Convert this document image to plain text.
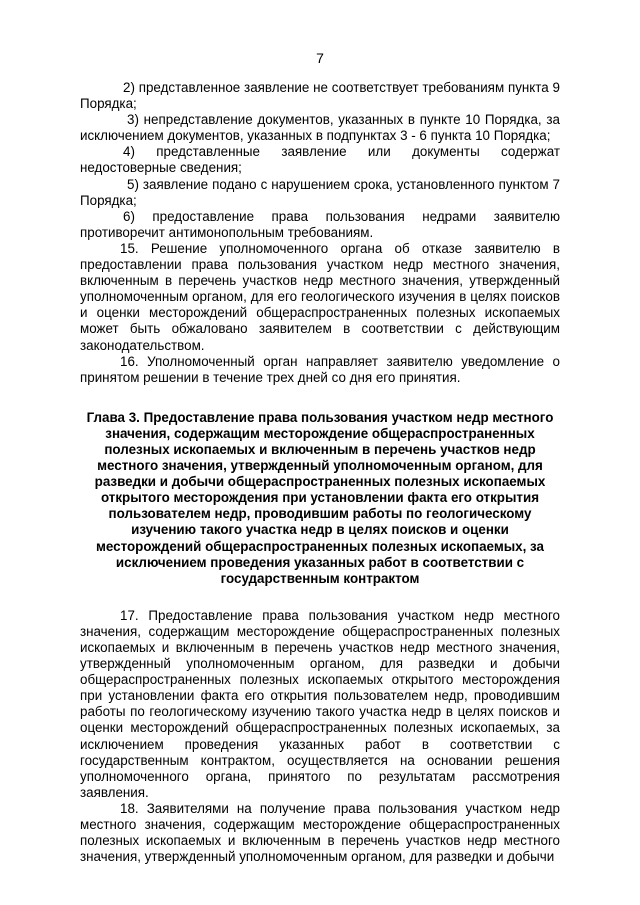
7

2) представленное заявление не соответствует требованиям пункта 9 Порядка;

3) непредставление документов, указанных в пункте 10 Порядка, за исключением документов, указанных в подпунктах 3 - 6 пункта 10 Порядка;

4) представленные заявление или документы содержат недостоверные сведения;

5) заявление подано с нарушением срока, установленного пунктом 7 Порядка;

6) предоставление права пользования недрами заявителю противоречит антимонопольным требованиям.

15. Решение уполномоченного органа об отказе заявителю в предоставлении права пользования участком недр местного значения, включенным в перечень участков недр местного значения, утвержденный уполномоченным органом, для его геологического изучения в целях поисков и оценки месторождений общераспространенных полезных ископаемых может быть обжаловано заявителем в соответствии с действующим законодательством.

16. Уполномоченный орган направляет заявителю уведомление о принятом решении в течение трех дней со дня его принятия.

Глава 3. Предоставление права пользования участком недр местного значения, содержащим месторождение общераспространенных полезных ископаемых и включенным в перечень участков недр местного значения, утвержденный уполномоченным органом, для разведки и добычи общераспространенных полезных ископаемых открытого месторождения при установлении факта его открытия пользователем недр, проводившим работы по геологическому изучению такого участка недр в целях поисков и оценки месторождений общераспространенных полезных ископаемых, за исключением проведения указанных работ в соответствии с государственным контрактом

17. Предоставление права пользования участком недр местного значения, содержащим месторождение общераспространенных полезных ископаемых и включенным в перечень участков недр местного значения, утвержденный уполномоченным органом, для разведки и добычи общераспространенных полезных ископаемых открытого месторождения при установлении факта его открытия пользователем недр, проводившим работы по геологическому изучению такого участка недр в целях поисков и оценки месторождений общераспространенных полезных ископаемых, за исключением проведения указанных работ в соответствии с государственным контрактом, осуществляется на основании решения уполномоченного органа, принятого по результатам рассмотрения заявления.

18. Заявителями на получение права пользования участком недр местного значения, содержащим месторождение общераспространенных полезных ископаемых и включенным в перечень участков недр местного значения, утвержденный уполномоченным органом, для разведки и добычи
